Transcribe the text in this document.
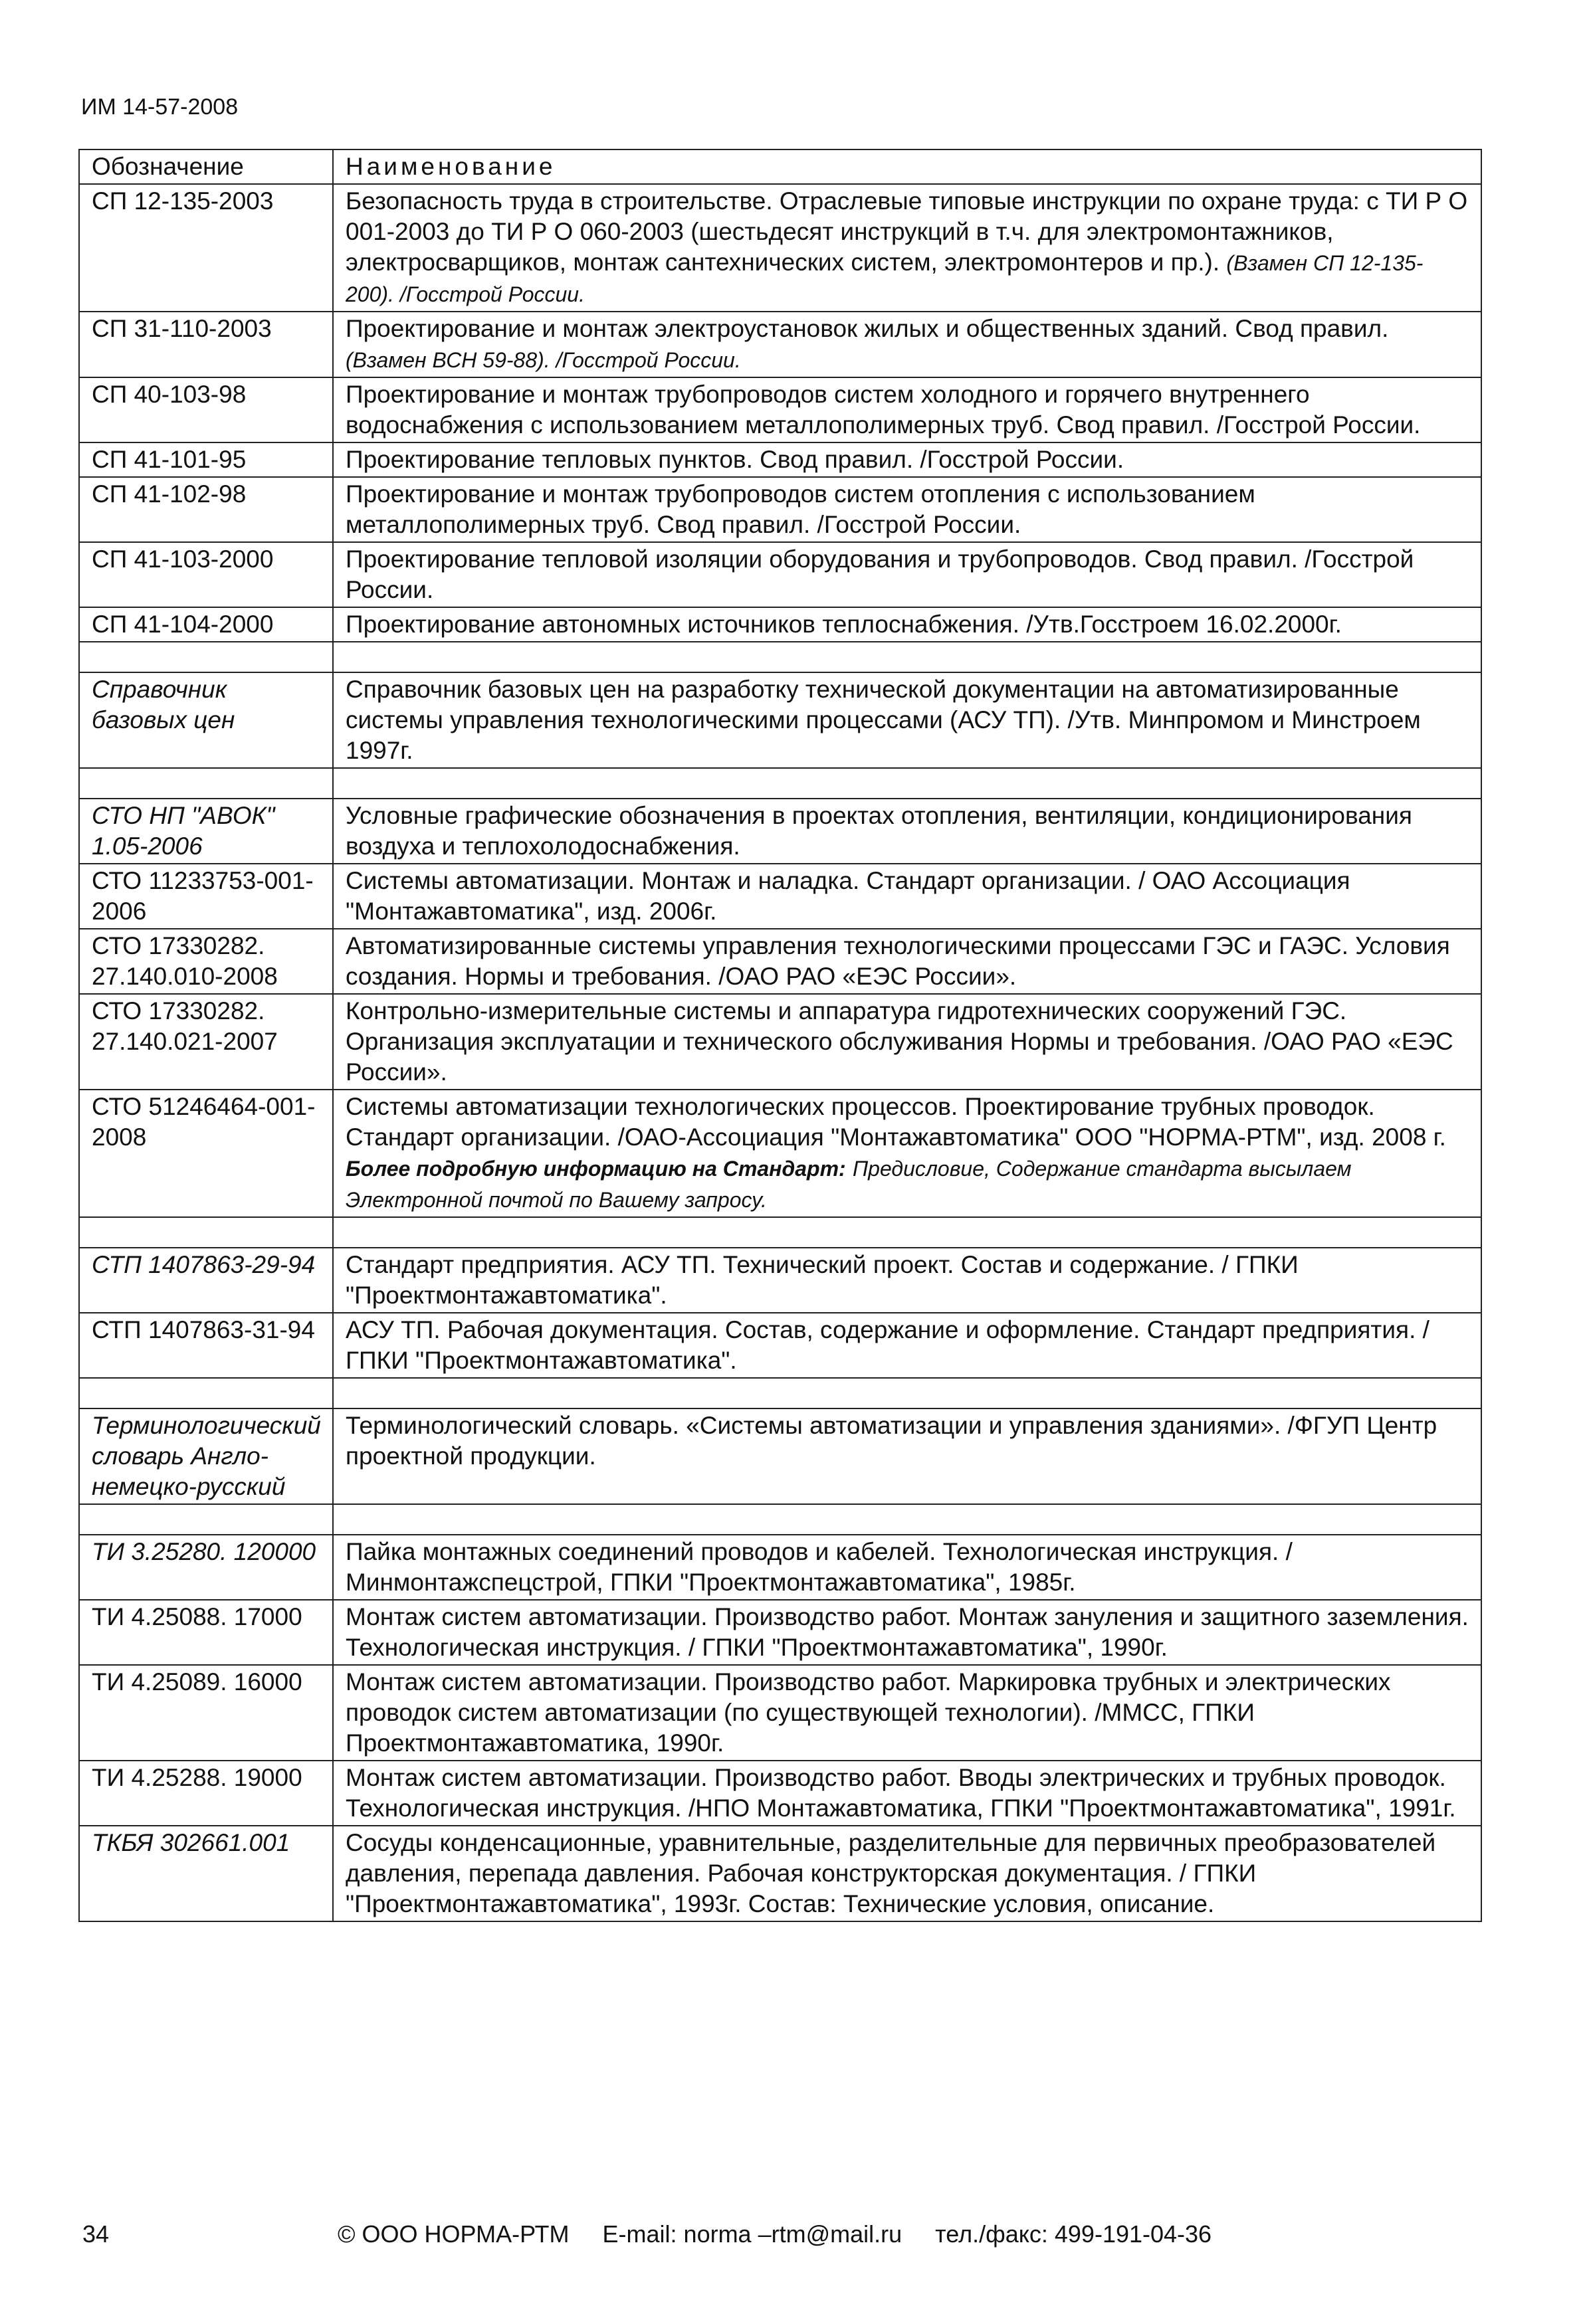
ИМ 14-57-2008
Обозначение	Наименование
СП 12-135-2003	Безопасность труда в строительстве. Отраслевые типовые инструкции по охране труда: с ТИ Р О 001-2003 до ТИ Р О 060-2003 (шестьдесят инструкций в т.ч. для электромонтажников, электросварщиков, монтаж сантехнических систем, электромонтеров и пр.). (Взамен СП 12-135-200). /Госстрой России.
СП 31-110-2003	Проектирование и монтаж электроустановок жилых и общественных зданий. Свод правил. (Взамен ВСН 59-88). /Госстрой России.
СП 40-103-98	Проектирование и монтаж трубопроводов систем холодного и горячего внутреннего водоснабжения с использованием металлополимерных труб. Свод правил. /Госстрой России.
СП 41-101-95	Проектирование тепловых пунктов. Свод правил. /Госстрой России.
СП 41-102-98	Проектирование и монтаж трубопроводов систем отопления с использованием металлополимерных труб. Свод правил. /Госстрой России.
СП 41-103-2000	Проектирование тепловой изоляции оборудования и трубопроводов. Свод правил. /Госстрой России.
СП 41-104-2000	Проектирование автономных источников теплоснабжения. /Утв.Госстроем 16.02.2000г.

Справочник базовых цен	Справочник базовых цен на разработку технической документации на автоматизированные системы управления технологическими процессами (АСУ ТП). /Утв. Минпромом и Минстроем 1997г.

СТО НП "АВОК" 1.05-2006	Условные графические обозначения в проектах отопления, вентиляции, кондиционирования воздуха и теплохолодоснабжения.
СТО 11233753-001-2006	Системы автоматизации. Монтаж и наладка. Стандарт организации. / ОАО Ассоциация "Монтажавтоматика", изд. 2006г.
СТО 17330282. 27.140.010-2008	Автоматизированные системы управления технологическими процессами ГЭС и ГАЭС. Условия создания. Нормы и требования. /ОАО РАО «ЕЭС России».
СТО 17330282. 27.140.021-2007	Контрольно-измерительные системы и аппаратура гидротехнических сооружений ГЭС. Организация эксплуатации и технического обслуживания Нормы и требования. /ОАО РАО «ЕЭС России».
СТО 51246464-001-2008	Системы автоматизации технологических процессов. Проектирование трубных проводок. Стандарт организации. /ОАО-Ассоциация "Монтажавтоматика" ООО "НОРМА-РТМ", изд. 2008 г.
Более подробную информацию на Стандарт: Предисловие, Содержание стандарта высылаем Электронной почтой по Вашему запросу.

СТП 1407863-29-94	Стандарт предприятия. АСУ ТП. Технический проект. Состав и содержание. / ГПКИ "Проектмонтажавтоматика".
СТП 1407863-31-94	АСУ ТП. Рабочая документация. Состав, содержание и оформление. Стандарт предприятия. / ГПКИ "Проектмонтажавтоматика".

Терминологический словарь Англо-немецко-русский	Терминологический словарь. «Системы автоматизации и управления зданиями». /ФГУП Центр проектной продукции.

ТИ 3.25280. 120000	Пайка монтажных соединений проводов и кабелей. Технологическая инструкция. /Минмонтажспецстрой, ГПКИ "Проектмонтажавтоматика", 1985г.
ТИ 4.25088. 17000	Монтаж систем автоматизации. Производство работ. Монтаж зануления и защитного заземления. Технологическая инструкция. / ГПКИ "Проектмонтажавтоматика", 1990г.
ТИ 4.25089. 16000	Монтаж систем автоматизации. Производство работ. Маркировка трубных и электрических проводок систем автоматизации (по существующей технологии). /ММСС, ГПКИ Проектмонтажавтоматика, 1990г.
ТИ 4.25288. 19000	Монтаж систем автоматизации. Производство работ. Вводы электрических и трубных проводок. Технологическая инструкция. /НПО Монтажавтоматика, ГПКИ "Проектмонтажавтоматика", 1991г.
ТКБЯ 302661.001	Сосуды конденсационные, уравнительные, разделительные для первичных преобразователей давления, перепада давления. Рабочая конструкторская документация. / ГПКИ "Проектмонтажавтоматика", 1993г. Состав: Технические условия, описание.
34	© ООО НОРМА-РТМ E-mail: norma –rtm@mail.ru тел./факс: 499-191-04-36
